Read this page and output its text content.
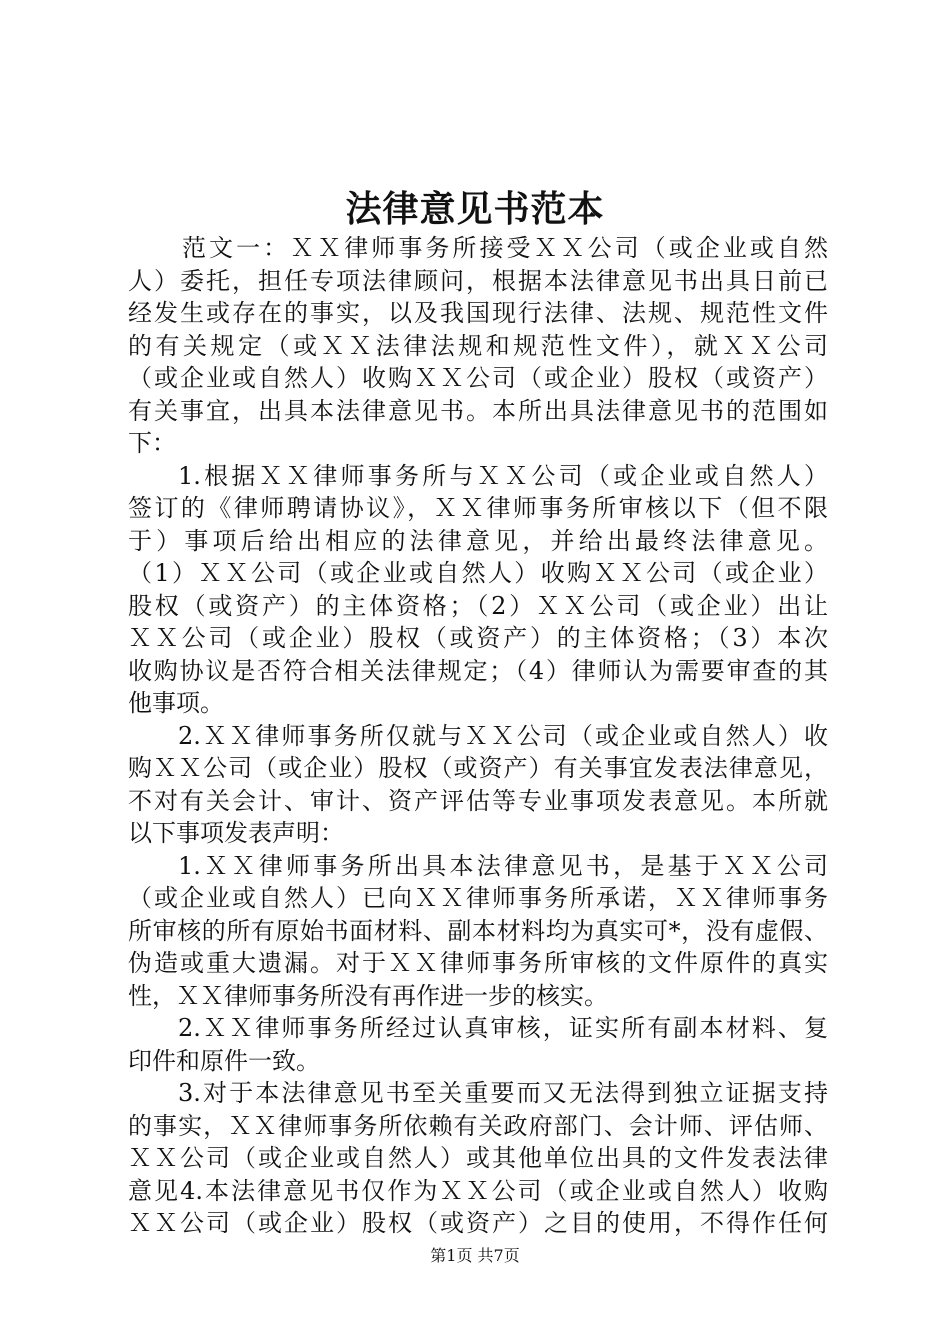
法律意见书范本
范文一：ＸＸ律师事务所接受ＸＸ公司（或企业或自然
人）委托，担任专项法律顾问，根据本法律意见书出具日前已
经发生或存在的事实，以及我国现行法律、法规、规范性文件
的有关规定（或ＸＸ法律法规和规范性文件），就ＸＸ公司
（或企业或自然人）收购ＸＸ公司（或企业）股权（或资产）
有关事宜，出具本法律意见书。本所出具法律意见书的范围如
下：
1.根据ＸＸ律师事务所与ＸＸ公司（或企业或自然人）
签订的《律师聘请协议》，ＸＸ律师事务所审核以下（但不限
于）事项后给出相应的法律意见，并给出最终法律意见。
（1）ＸＸ公司（或企业或自然人）收购ＸＸ公司（或企业）
股权（或资产）的主体资格；（2）ＸＸ公司（或企业）出让
ＸＸ公司（或企业）股权（或资产）的主体资格；（3）本次
收购协议是否符合相关法律规定；（4）律师认为需要审查的其
他事项。
2.ＸＸ律师事务所仅就与ＸＸ公司（或企业或自然人）收
购ＸＸ公司（或企业）股权（或资产）有关事宜发表法律意见，
不对有关会计、审计、资产评估等专业事项发表意见。本所就
以下事项发表声明：
1.ＸＸ律师事务所出具本法律意见书，是基于ＸＸ公司
（或企业或自然人）已向ＸＸ律师事务所承诺，ＸＸ律师事务
所审核的所有原始书面材料、副本材料均为真实可*，没有虚假、
伪造或重大遗漏。对于ＸＸ律师事务所审核的文件原件的真实
性，ＸＸ律师事务所没有再作进一步的核实。
2.ＸＸ律师事务所经过认真审核，证实所有副本材料、复
印件和原件一致。
3.对于本法律意见书至关重要而又无法得到独立证据支持
的事实，ＸＸ律师事务所依赖有关政府部门、会计师、评估师、
ＸＸ公司（或企业或自然人）或其他单位出具的文件发表法律
意见4.本法律意见书仅作为ＸＸ公司（或企业或自然人）收购
ＸＸ公司（或企业）股权（或资产）之目的使用，不得作任何
第1页 共7页
